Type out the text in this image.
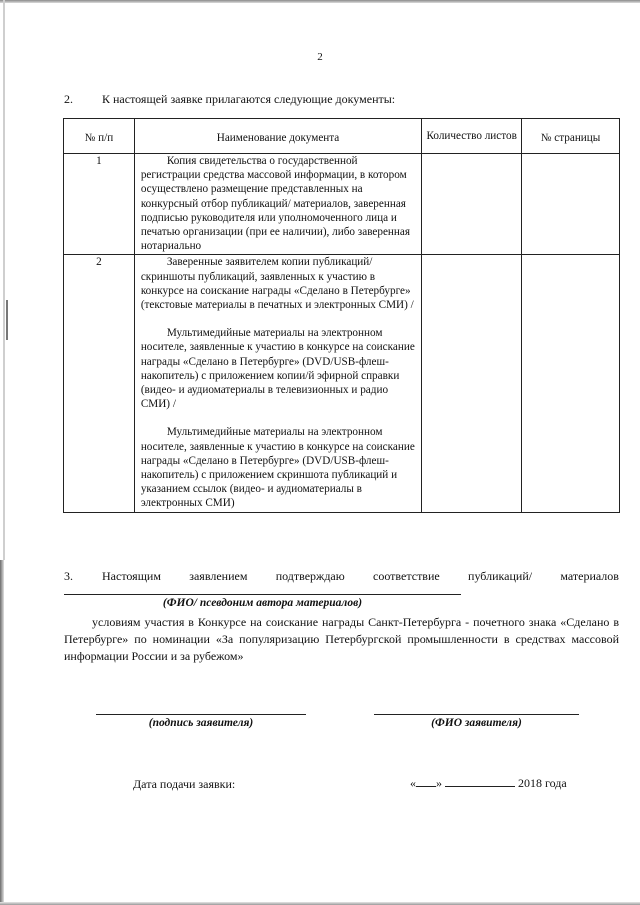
2
2. К настоящей заявке прилагаются следующие документы:
№ п/п	Наименование документа	Количество листов	№ страницы
1	Копия свидетельства о государственной регистрации средства массовой информации, в котором осуществлено размещение представленных на конкурсный отбор публикаций/ материалов, заверенная подписью руководителя или уполномоченного лица и печатью организации (при ее наличии), либо заверенная нотариально		

2	Заверенные заявителем копии публикаций/скриншоты публикаций, заявленных к участию в конкурсе на соискание награды «Сделано в Петербурге» (текстовые материалы в печатных и электронных СМИ) /
Мультимедийные материалы на электронном носителе, заявленные к участию в конкурсе на соискание награды «Сделано в Петербурге» (DVD/USB-флеш-накопитель) с приложением копии/й эфирной справки (видео- и аудиоматериалы в телевизионных и радио СМИ) /
Мультимедийные материалы на электронном носителе, заявленные к участию в конкурсе на соискание награды «Сделано в Петербурге» (DVD/USB-флеш-накопитель) с приложением скриншота публикаций и указанием ссылок (видео- и аудиоматериалы в электронных СМИ)		

3.	Настоящим заявлением подтверждаю соответствие публикаций/ материалов
(ФИО/ псевдоним автора материалов)
условиям участия в Конкурсе на соискание награды Санкт-Петербурга - почетного знака «Сделано в Петербурге» по номинации «За популяризацию Петербургской промышленности в средствах массовой информации России и за рубежом»
(подпись заявителя)	(ФИО заявителя)
Дата подачи заявки:	« »	2018 года
